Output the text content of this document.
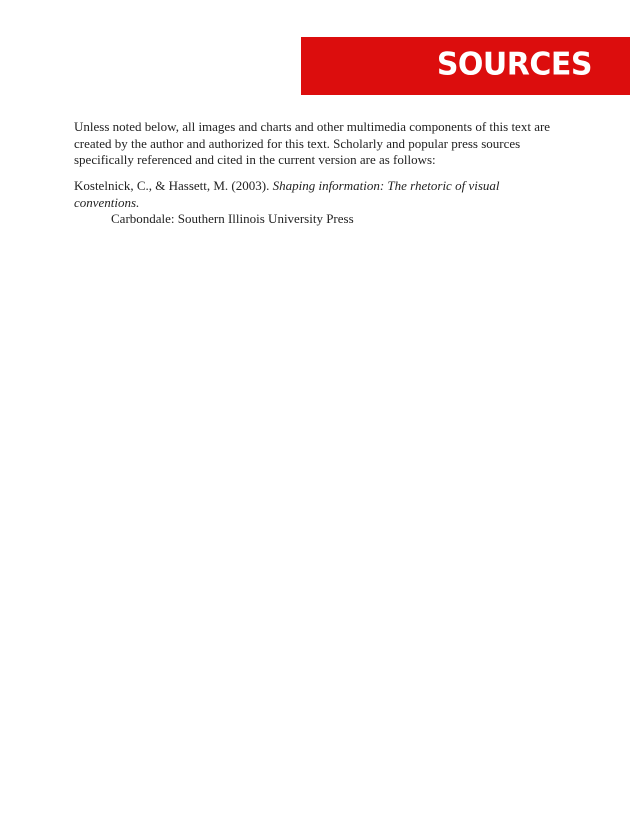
SOURCES

Unless noted below, all images and charts and other multimedia components of this text are created by the author and authorized for this text. Scholarly and popular press sources specifically referenced and cited in the current version are as follows:

Kostelnick, C., & Hassett, M. (2003). Shaping information: The rhetoric of visual conventions.
Carbondale: Southern Illinois University Press
